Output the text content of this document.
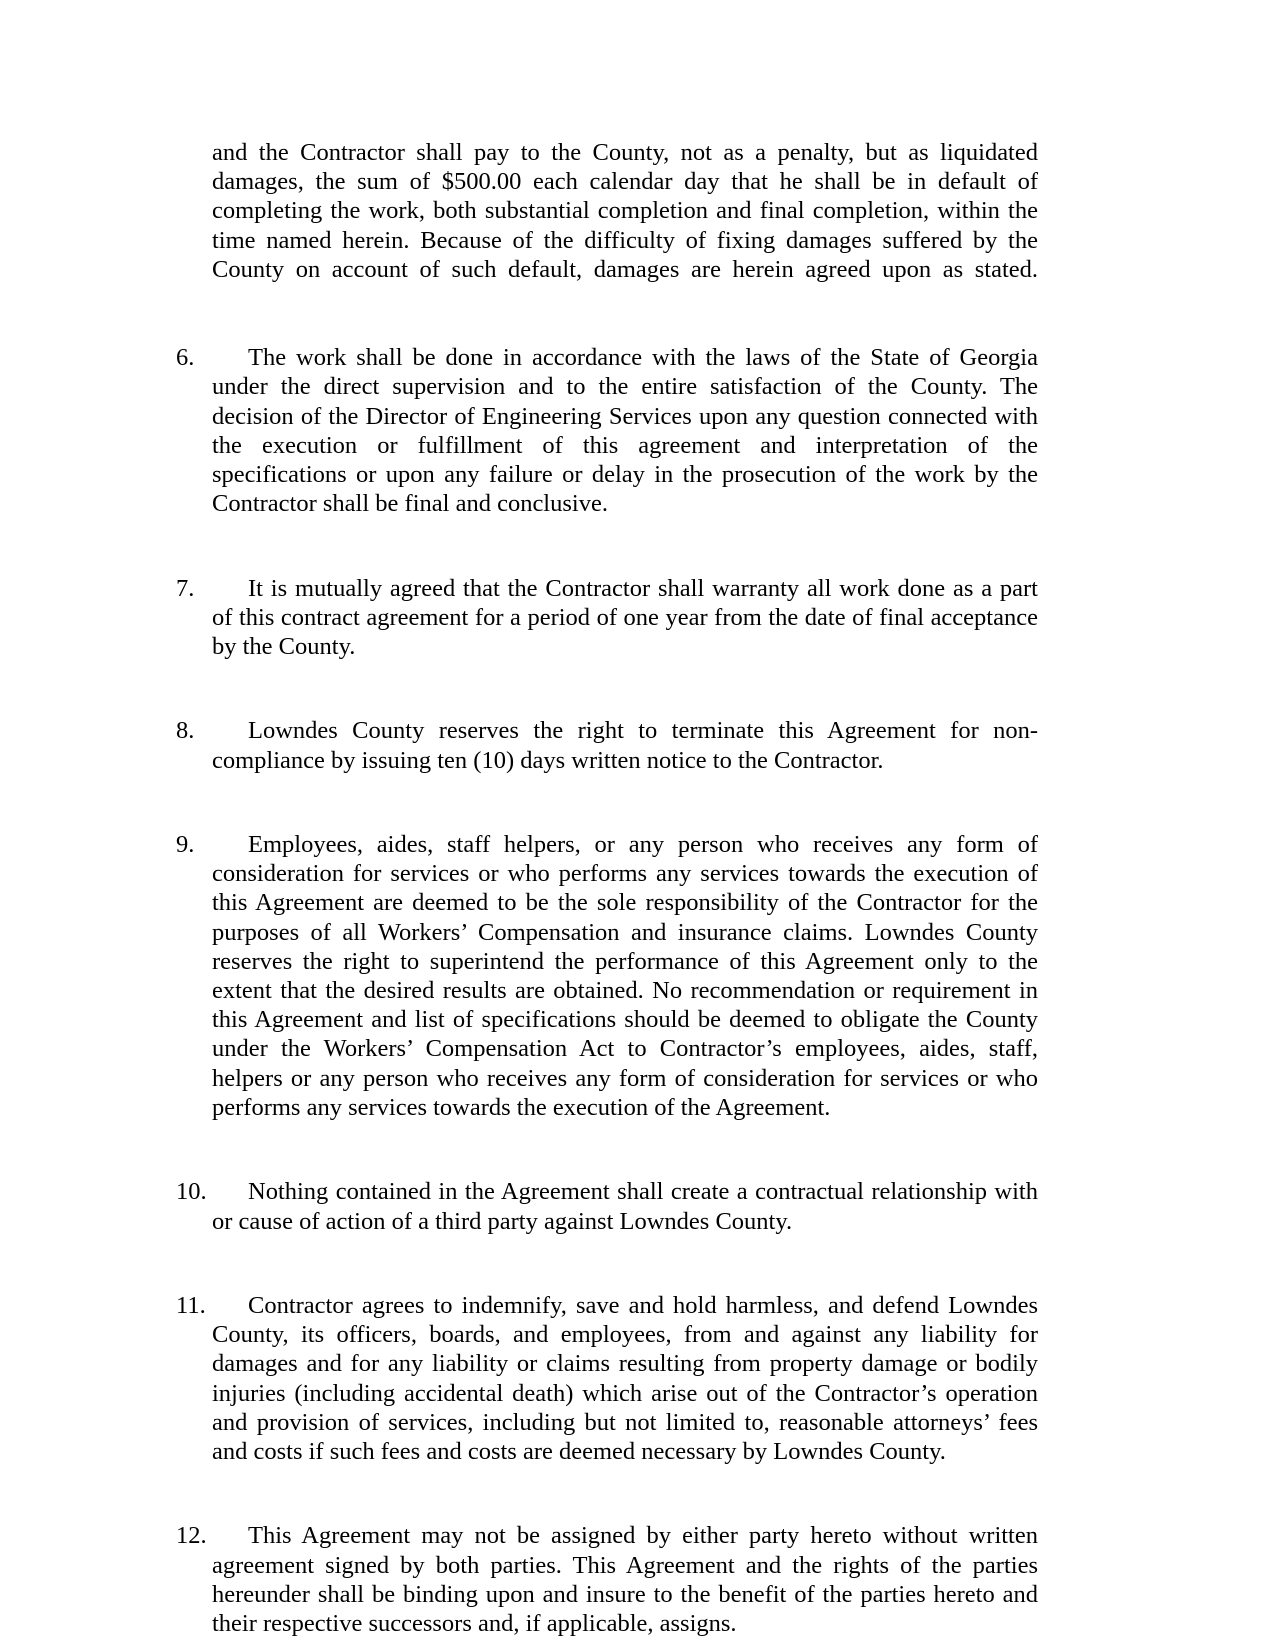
and the Contractor shall pay to the County, not as a penalty, but as liquidated damages, the sum of $500.00 each calendar day that he shall be in default of completing the work, both substantial completion and final completion, within the time named herein. Because of the difficulty of fixing damages suffered by the County on account of such default, damages are herein agreed upon as stated.

6.	The work shall be done in accordance with the laws of the State of Georgia under the direct supervision and to the entire satisfaction of the County. The decision of the Director of Engineering Services upon any question connected with the execution or fulfillment of this agreement and interpretation of the specifications or upon any failure or delay in the prosecution of the work by the Contractor shall be final and conclusive.

7.	It is mutually agreed that the Contractor shall warranty all work done as a part of this contract agreement for a period of one year from the date of final acceptance by the County.

8.	Lowndes County reserves the right to terminate this Agreement for non-compliance by issuing ten (10) days written notice to the Contractor.

9.	Employees, aides, staff helpers, or any person who receives any form of consideration for services or who performs any services towards the execution of this Agreement are deemed to be the sole responsibility of the Contractor for the purposes of all Workers’ Compensation and insurance claims. Lowndes County reserves the right to superintend the performance of this Agreement only to the extent that the desired results are obtained. No recommendation or requirement in this Agreement and list of specifications should be deemed to obligate the County under the Workers’ Compensation Act to Contractor’s employees, aides, staff, helpers or any person who receives any form of consideration for services or who performs any services towards the execution of the Agreement.

10.	Nothing contained in the Agreement shall create a contractual relationship with or cause of action of a third party against Lowndes County.

11.	Contractor agrees to indemnify, save and hold harmless, and defend Lowndes County, its officers, boards, and employees, from and against any liability for damages and for any liability or claims resulting from property damage or bodily injuries (including accidental death) which arise out of the Contractor’s operation and provision of services, including but not limited to, reasonable attorneys’ fees and costs if such fees and costs are deemed necessary by Lowndes County.

12.	This Agreement may not be assigned by either party hereto without written agreement signed by both parties. This Agreement and the rights of the parties hereunder shall be binding upon and insure to the benefit of the parties hereto and their respective successors and, if applicable, assigns.
